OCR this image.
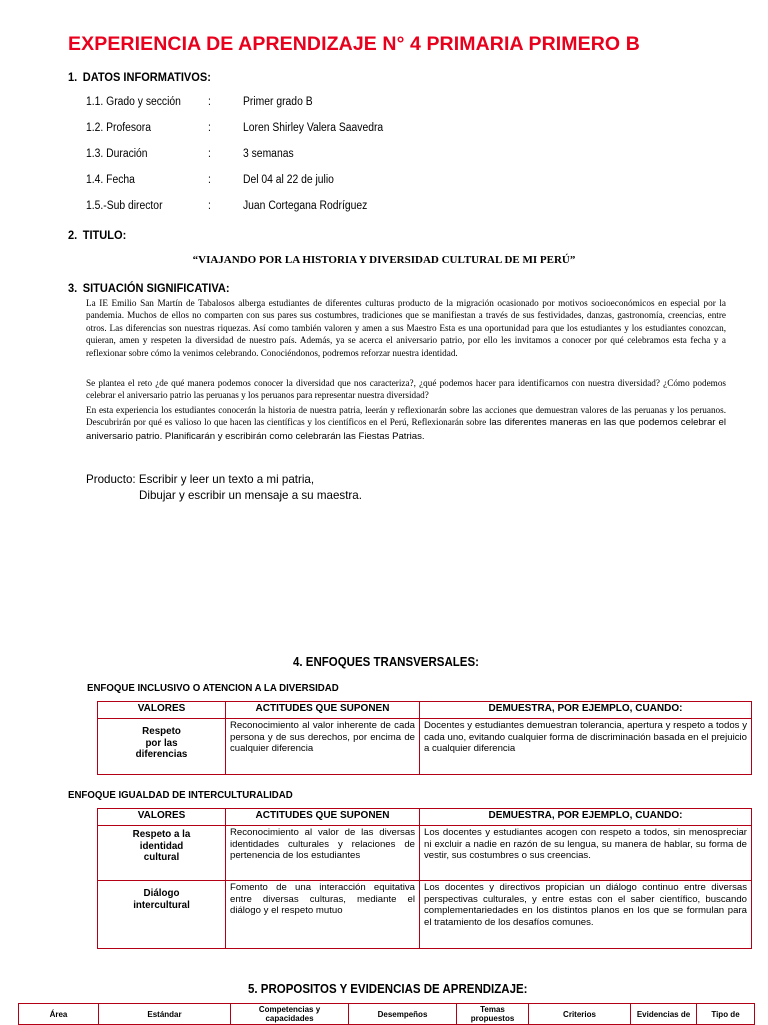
EXPERIENCIA DE APRENDIZAJE N° 4 PRIMARIA PRIMERO B
1. DATOS INFORMATIVOS:
1.1. Grado y sección :	Primer grado B
1.2. Profesora	:	Loren Shirley Valera Saavedra
1.3. Duración	:	3 semanas
1.4. Fecha	:	Del 04 al 22 de julio
1.5.-Sub director	:	Juan Cortegana Rodríguez
2. TITULO:
“VIAJANDO POR LA HISTORIA Y DIVERSIDAD CULTURAL DE MI PERÚ”
3. SITUACIÓN SIGNIFICATIVA:
La IE Emilio San Martín de Tabalosos alberga estudiantes de diferentes culturas producto de la migración ocasionado por motivos socioeconómicos en especial por la pandemia. Muchos de ellos no comparten con sus pares sus costumbres, tradiciones que se manifiestan a través de sus festividades, danzas, gastronomía, creencias, entre otros. Las diferencias son nuestras riquezas. Así como también valoren y amen a sus Maestro Esta es una oportunidad para que los estudiantes y los estudiantes conozcan, quieran, amen y respeten la diversidad de nuestro país. Además, ya se acerca el aniversario patrio, por ello les invitamos a conocer por qué celebramos esta fecha y a reflexionar sobre cómo la venimos celebrando. Conociéndonos, podremos reforzar nuestra identidad.
Se plantea el reto ¿de qué manera podemos conocer la diversidad que nos caracteriza?, ¿qué podemos hacer para identificarnos con nuestra diversidad? ¿Cómo podemos celebrar el aniversario patrio las peruanas y los peruanos para representar nuestra diversidad?
En esta experiencia los estudiantes conocerán la historia de nuestra patria, leerán y reflexionarán sobre las acciones que demuestran valores de las peruanas y los peruanos. Descubrirán por qué es valioso lo que hacen las científicas y los científicos en el Perú, Reflexionarán sobre las diferentes maneras en las que podemos celebrar el aniversario patrio. Planificarán y escribirán como celebrarán las Fiestas Patrias.
Producto: Escribir y leer un texto a mi patria,
Dibujar y escribir un mensaje a su maestra.
4. ENFOQUES TRANSVERSALES:
ENFOQUE INCLUSIVO O ATENCION A LA DIVERSIDAD
VALORES	ACTITUDES QUE SUPONEN	DEMUESTRA, POR EJEMPLO, CUANDO:
Respeto por las diferencias	Reconocimiento al valor inherente de cada persona y de sus derechos, por encima de cualquier diferencia	Docentes y estudiantes demuestran tolerancia, apertura y respeto a todos y cada uno, evitando cualquier forma de discriminación basada en el prejuicio a cualquier diferencia
ENFOQUE IGUALDAD DE INTERCULTURALIDAD
VALORES	ACTITUDES QUE SUPONEN	DEMUESTRA, POR EJEMPLO, CUANDO:
Respeto a la identidad cultural	Reconocimiento al valor de las diversas identidades culturales y relaciones de pertenencia de los estudiantes	Los docentes y estudiantes acogen con respeto a todos, sin menospreciar ni excluir a nadie en razón de su lengua, su manera de hablar, su forma de vestir, sus costumbres o sus creencias.
Diálogo intercultural	Fomento de una interacción equitativa entre diversas culturas, mediante el diálogo y el respeto mutuo	Los docentes y directivos propician un diálogo continuo entre diversas perspectivas culturales, y entre estas con el saber científico, buscando complementariedades en los distintos planos en los que se formulan para el tratamiento de los desafíos comunes.
5. PROPOSITOS Y EVIDENCIAS DE APRENDIZAJE:
Área	Estándar	Competencias y capacidades	Desempeños	Temas propuestos	Criterios	Evidencias de	Tipo de
